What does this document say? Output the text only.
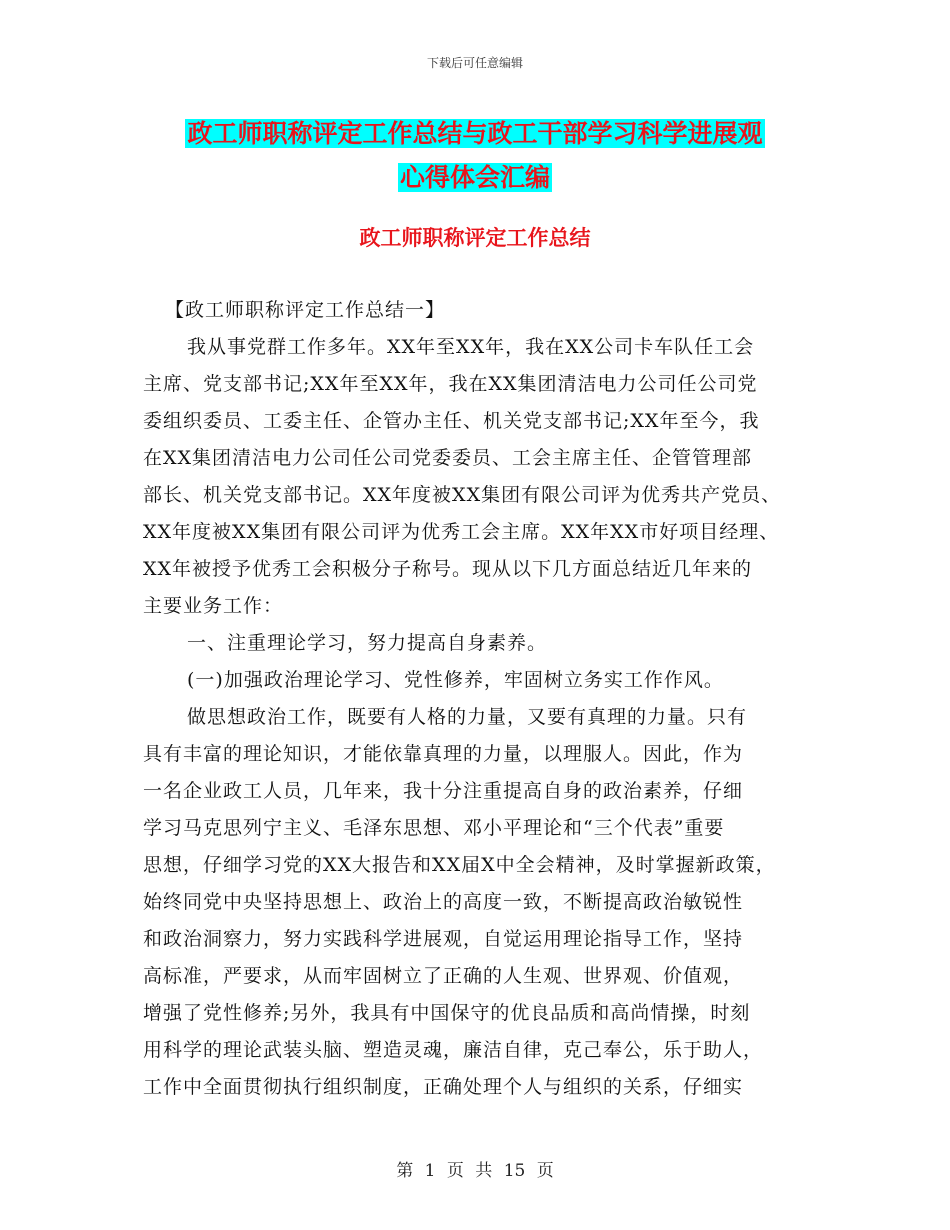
下载后可任意编辑
政工师职称评定工作总结与政工干部学习科学进展观
心得体会汇编
政工师职称评定工作总结
【政工师职称评定工作总结一】
我从事党群工作多年。XX年至XX年，我在XX公司卡车队任工会
主席、党支部书记;XX年至XX年，我在XX集团清洁电力公司任公司党
委组织委员、工委主任、企管办主任、机关党支部书记;XX年至今，我
在XX集团清洁电力公司任公司党委委员、工会主席主任、企管管理部
部长、机关党支部书记。XX年度被XX集团有限公司评为优秀共产党员、
XX年度被XX集团有限公司评为优秀工会主席。XX年XX市好项目经理、
XX年被授予优秀工会积极分子称号。现从以下几方面总结近几年来的
主要业务工作：
一、注重理论学习，努力提高自身素养。
(一)加强政治理论学习、党性修养，牢固树立务实工作作风。
做思想政治工作，既要有人格的力量，又要有真理的力量。只有
具有丰富的理论知识，才能依靠真理的力量，以理服人。因此，作为
一名企业政工人员，几年来，我十分注重提高自身的政治素养，仔细
学习马克思列宁主义、毛泽东思想、邓小平理论和“三个代表”重要
思想，仔细学习党的XX大报告和XX届X中全会精神，及时掌握新政策，
始终同党中央坚持思想上、政治上的高度一致，不断提高政治敏锐性
和政治洞察力，努力实践科学进展观，自觉运用理论指导工作，坚持
高标准，严要求，从而牢固树立了正确的人生观、世界观、价值观，
增强了党性修养;另外，我具有中国保守的优良品质和高尚情操，时刻
用科学的理论武装头脑、塑造灵魂，廉洁自律，克己奉公，乐于助人，
工作中全面贯彻执行组织制度，正确处理个人与组织的关系，仔细实
第 1 页 共 15 页
